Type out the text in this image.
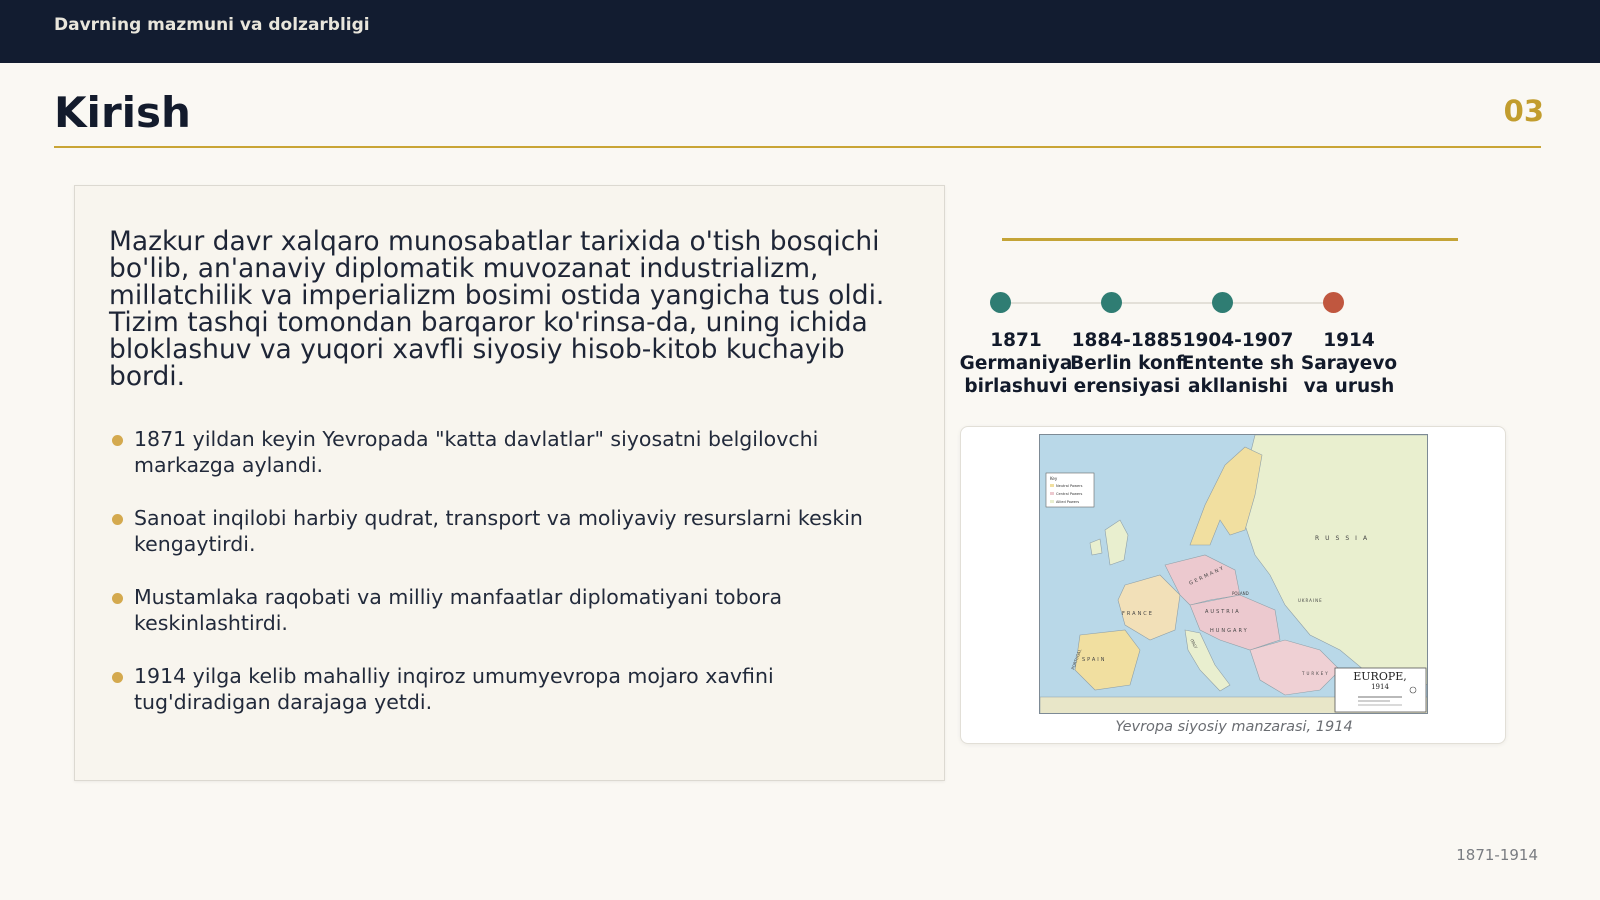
Davrning mazmuni va dolzarbligi
Kirish	03

Mazkur davr xalqaro munosabatlar tarixida o'tish bosqichi bo'lib, an'anaviy diplomatik muvozanat industrializm, millatchilik va imperializm bosimi ostida yangicha tus oldi. Tizim tashqi tomondan barqaror ko'rinsa-da, uning ichida bloklashuv va yuqori xavfli siyosiy hisob-kitob kuchayib bordi.

1871 yildan keyin Yevropada "katta davlatlar" siyosatni belgilovchi markazga aylandi.
Sanoat inqilobi harbiy qudrat, transport va moliyaviy resurslarni keskin kengaytirdi.
Mustamlaka raqobati va milliy manfaatlar diplomatiyani tobora keskinlashtirdi.
1914 yilga kelib mahalliy inqiroz umumyevropa mojaro xavfini tug'diradigan darajaga yetdi.
1871
Germaniya birlashuvi
1884-1885
Berlin konferensiyasi
1904-1907
Entente shakllanishi
1914
Sarayevo va urush
Key
Neutral Powers
Central Powers
Allied Powers
RUSSIA
FRANCE
GERMANY
AUSTRIA
HUNGARY
SPAIN
PORTUGAL
ITALY
POLAND
UKRAINE
TURKEY EUROPE,
1914
Yevropa siyosiy manzarasi, 1914
1871-1914
